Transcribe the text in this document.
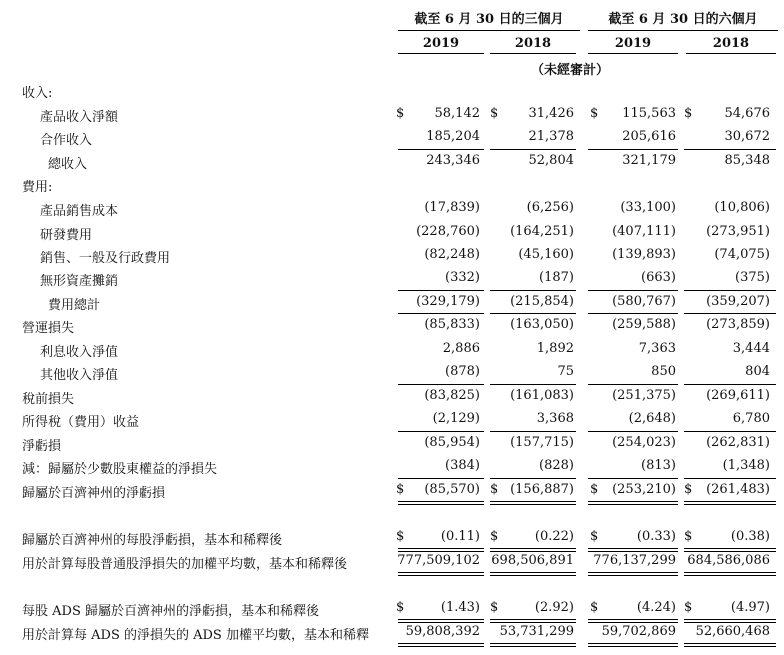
截至 6 月 30 日的三個月	截至 6 月 30 日的六個月
2019	2018	2019	2018
（未經審計）
收入:
產品收入淨額	$ 58,142 $ 31,426 $ 115,563 $ 54,676
合作收入	185,204	21,378	205,616	30,672
總收入	243,346	52,804	321,179	85,348
費用:
產品銷售成本	(17,839)	(6,256)	(33,100)	(10,806)
研發費用	(228,760) (164,251)	(407,111) (273,951)
銷售、一般及行政費用	(82,248)	(45,160)	(139,893)	(74,075)
無形資產攤銷	(332)	(187)	(663)	(375)
費用總計	(329,179) (215,854)	(580,767) (359,207)
營運損失	(85,833) (163,050)	(259,588) (273,859)
利息收入淨值	2,886	1,892	7,363	3,444
其他收入淨值	(878)	75	850	804
稅前損失	(83,825) (161,083)	(251,375) (269,611)
所得稅（費用）收益	(2,129)	3,368	(2,648)	6,780
淨虧損	(85,954) (157,715)	(254,023) (262,831)
減：歸屬於少數股東權益的淨損失	(384)	(828)	(813)	(1,348)
歸屬於百濟神州的淨虧損	$ (85,570) $ (156,887) $ (253,210) $ (261,483)
歸屬於百濟神州的每股淨虧損，基本和稀釋後	$	(0.11) $	(0.22) $	(0.33) $	(0.38)
用於計算每股普通股淨損失的加權平均數，基本和稀釋後	777,509,102 698,506,891 776,137,299 684,586,086
每股 ADS 歸屬於百濟神州的淨虧損，基本和稀釋後	$	(1.43) $	(2.92) $	(4.24) $	(4.97)
用於計算每 ADS 的淨損失的 ADS 加權平均數，基本和稀釋	59,808,392 53,731,299 59,702,869 52,660,468
